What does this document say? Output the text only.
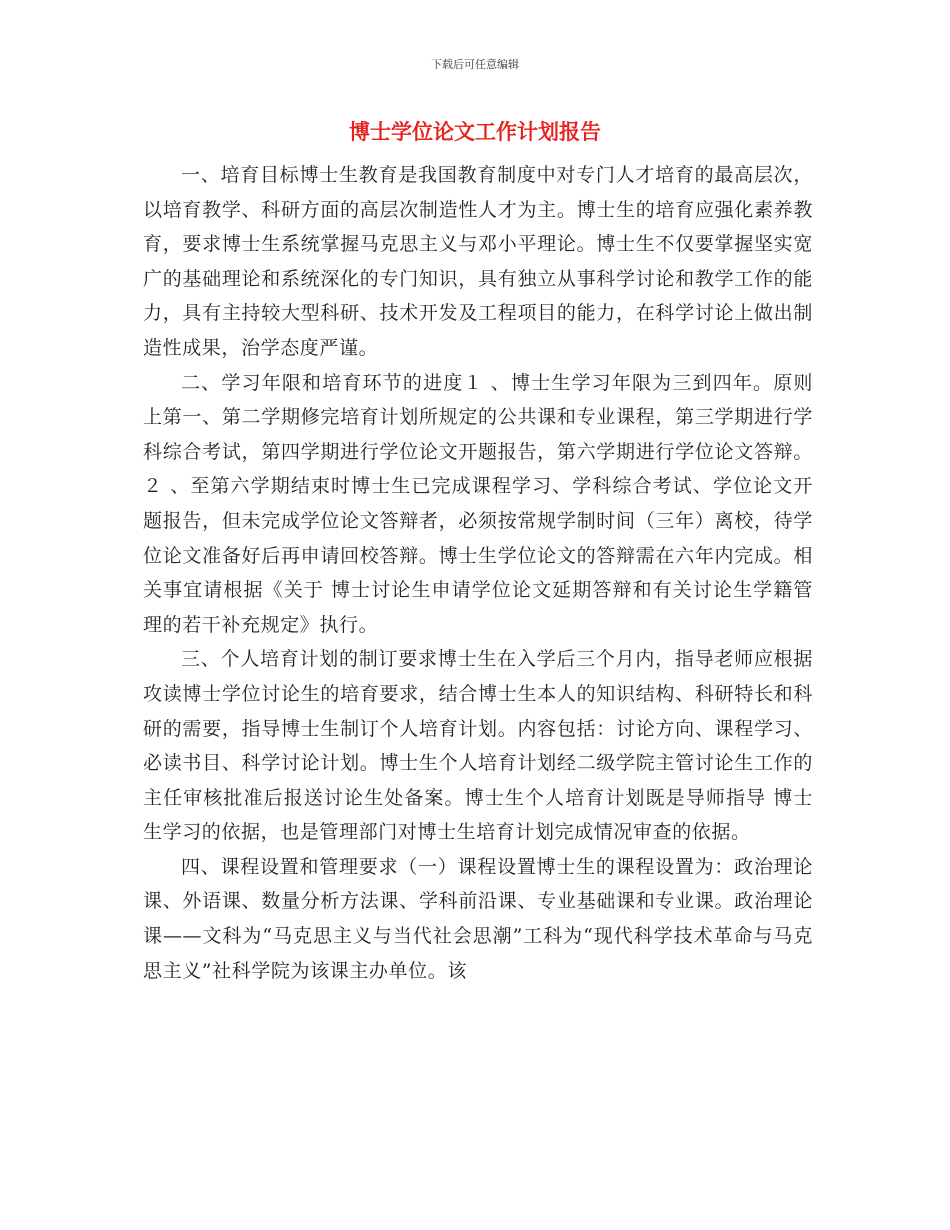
下载后可任意编辑
博士学位论文工作计划报告

一、培育目标博士生教育是我国教育制度中对专门人才培育的最高层次，以培育教学、科研方面的高层次制造性人才为主。博士生的培育应强化素养教育，要求博士生系统掌握马克思主义与邓小平理论。博士生不仅要掌握坚实宽广的基础理论和系统深化的专门知识，具有独立从事科学讨论和教学工作的能力，具有主持较大型科研、技术开发及工程项目的能力，在科学讨论上做出制造性成果，治学态度严谨。

二、学习年限和培育环节的进度１ 、博士生学习年限为三到四年。原则上第一、第二学期修完培育计划所规定的公共课和专业课程，第三学期进行学科综合考试，第四学期进行学位论文开题报告，第六学期进行学位论文答辩。２ 、至第六学期结束时博士生已完成课程学习、学科综合考试、学位论文开题报告，但未完成学位论文答辩者，必须按常规学制时间（三年）离校，待学位论文准备好后再申请回校答辩。博士生学位论文的答辩需在六年内完成。相关事宜请根据《关于 博士讨论生申请学位论文延期答辩和有关讨论生学籍管理的若干补充规定》执行。

三、个人培育计划的制订要求博士生在入学后三个月内，指导老师应根据攻读博士学位讨论生的培育要求，结合博士生本人的知识结构、科研特长和科研的需要，指导博士生制订个人培育计划。内容包括：讨论方向、课程学习、必读书目、科学讨论计划。博士生个人培育计划经二级学院主管讨论生工作的主任审核批准后报送讨论生处备案。博士生个人培育计划既是导师指导 博士生学习的依据，也是管理部门对博士生培育计划完成情况审查的依据。

四、课程设置和管理要求（一）课程设置博士生的课程设置为：政治理论课、外语课、数量分析方法课、学科前沿课、专业基础课和专业课。政治理论课——文科为“马克思主义与当代社会思潮”工科为“现代科学技术革命与马克思主义”社科学院为该课主办单位。该
